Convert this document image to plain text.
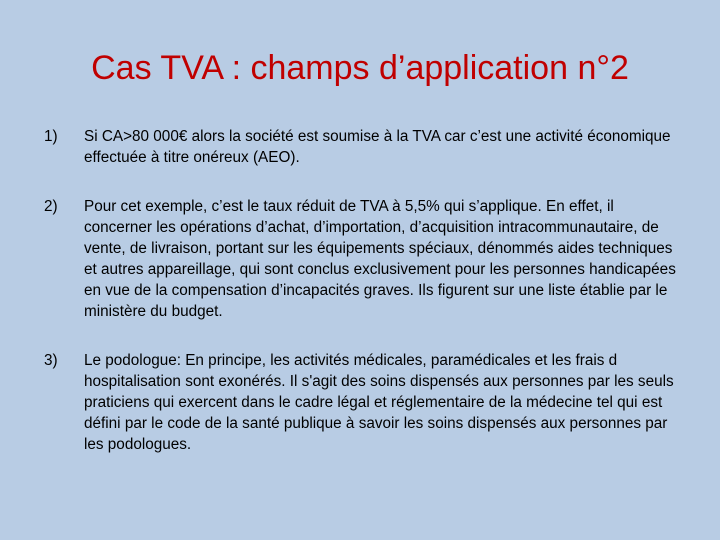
Cas TVA : champs d’application n°2
1)	Si CA>80 000€ alors la société est soumise à la TVA car c’est une activité économique effectuée à titre onéreux (AEO).

2)	Pour cet exemple, c’est le taux réduit de TVA à 5,5% qui s’applique. En effet, il concerner les opérations d’achat, d’importation, d’acquisition intracommunautaire, de vente, de livraison, portant sur les équipements spéciaux, dénommés aides techniques et autres appareillage, qui sont conclus exclusivement pour les personnes handicapées en vue de la compensation d’incapacités graves. Ils figurent sur une liste établie par le ministère du budget.

3)	Le podologue: En principe, les activités médicales, paramédicales et les frais d hospitalisation sont exonérés. Il s'agit des soins dispensés aux personnes par les seuls praticiens qui exercent dans le cadre légal et réglementaire de la médecine tel qui est défini par le code de la santé publique à savoir les soins dispensés aux personnes par les podologues.
